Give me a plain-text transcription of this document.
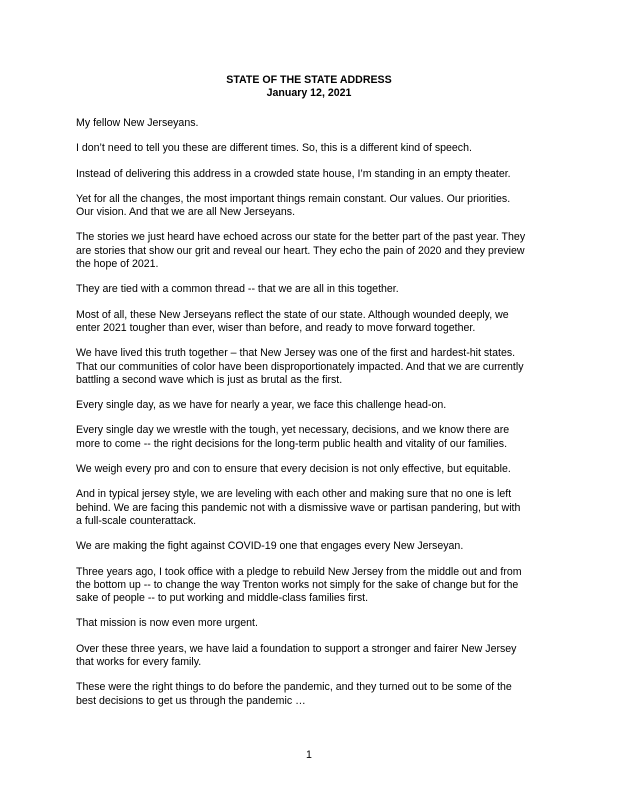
STATE OF THE STATE ADDRESS
January 12, 2021

My fellow New Jerseyans.

I don’t need to tell you these are different times. So, this is a different kind of speech.

Instead of delivering this address in a crowded state house, I’m standing in an empty theater.

Yet for all the changes, the most important things remain constant. Our values. Our priorities.
Our vision. And that we are all New Jerseyans.

The stories we just heard have echoed across our state for the better part of the past year. They
are stories that show our grit and reveal our heart. They echo the pain of 2020 and they preview
the hope of 2021.

They are tied with a common thread -- that we are all in this together.

Most of all, these New Jerseyans reflect the state of our state. Although wounded deeply, we
enter 2021 tougher than ever, wiser than before, and ready to move forward together.

We have lived this truth together – that New Jersey was one of the first and hardest-hit states.
That our communities of color have been disproportionately impacted. And that we are currently
battling a second wave which is just as brutal as the first.

Every single day, as we have for nearly a year, we face this challenge head-on.

Every single day we wrestle with the tough, yet necessary, decisions, and we know there are
more to come -- the right decisions for the long-term public health and vitality of our families.

We weigh every pro and con to ensure that every decision is not only effective, but equitable.

And in typical jersey style, we are leveling with each other and making sure that no one is left
behind. We are facing this pandemic not with a dismissive wave or partisan pandering, but with
a full-scale counterattack.

We are making the fight against COVID-19 one that engages every New Jerseyan.

Three years ago, I took office with a pledge to rebuild New Jersey from the middle out and from
the bottom up -- to change the way Trenton works not simply for the sake of change but for the
sake of people -- to put working and middle-class families first.

That mission is now even more urgent.

Over these three years, we have laid a foundation to support a stronger and fairer New Jersey
that works for every family.

These were the right things to do before the pandemic, and they turned out to be some of the
best decisions to get us through the pandemic …

1
